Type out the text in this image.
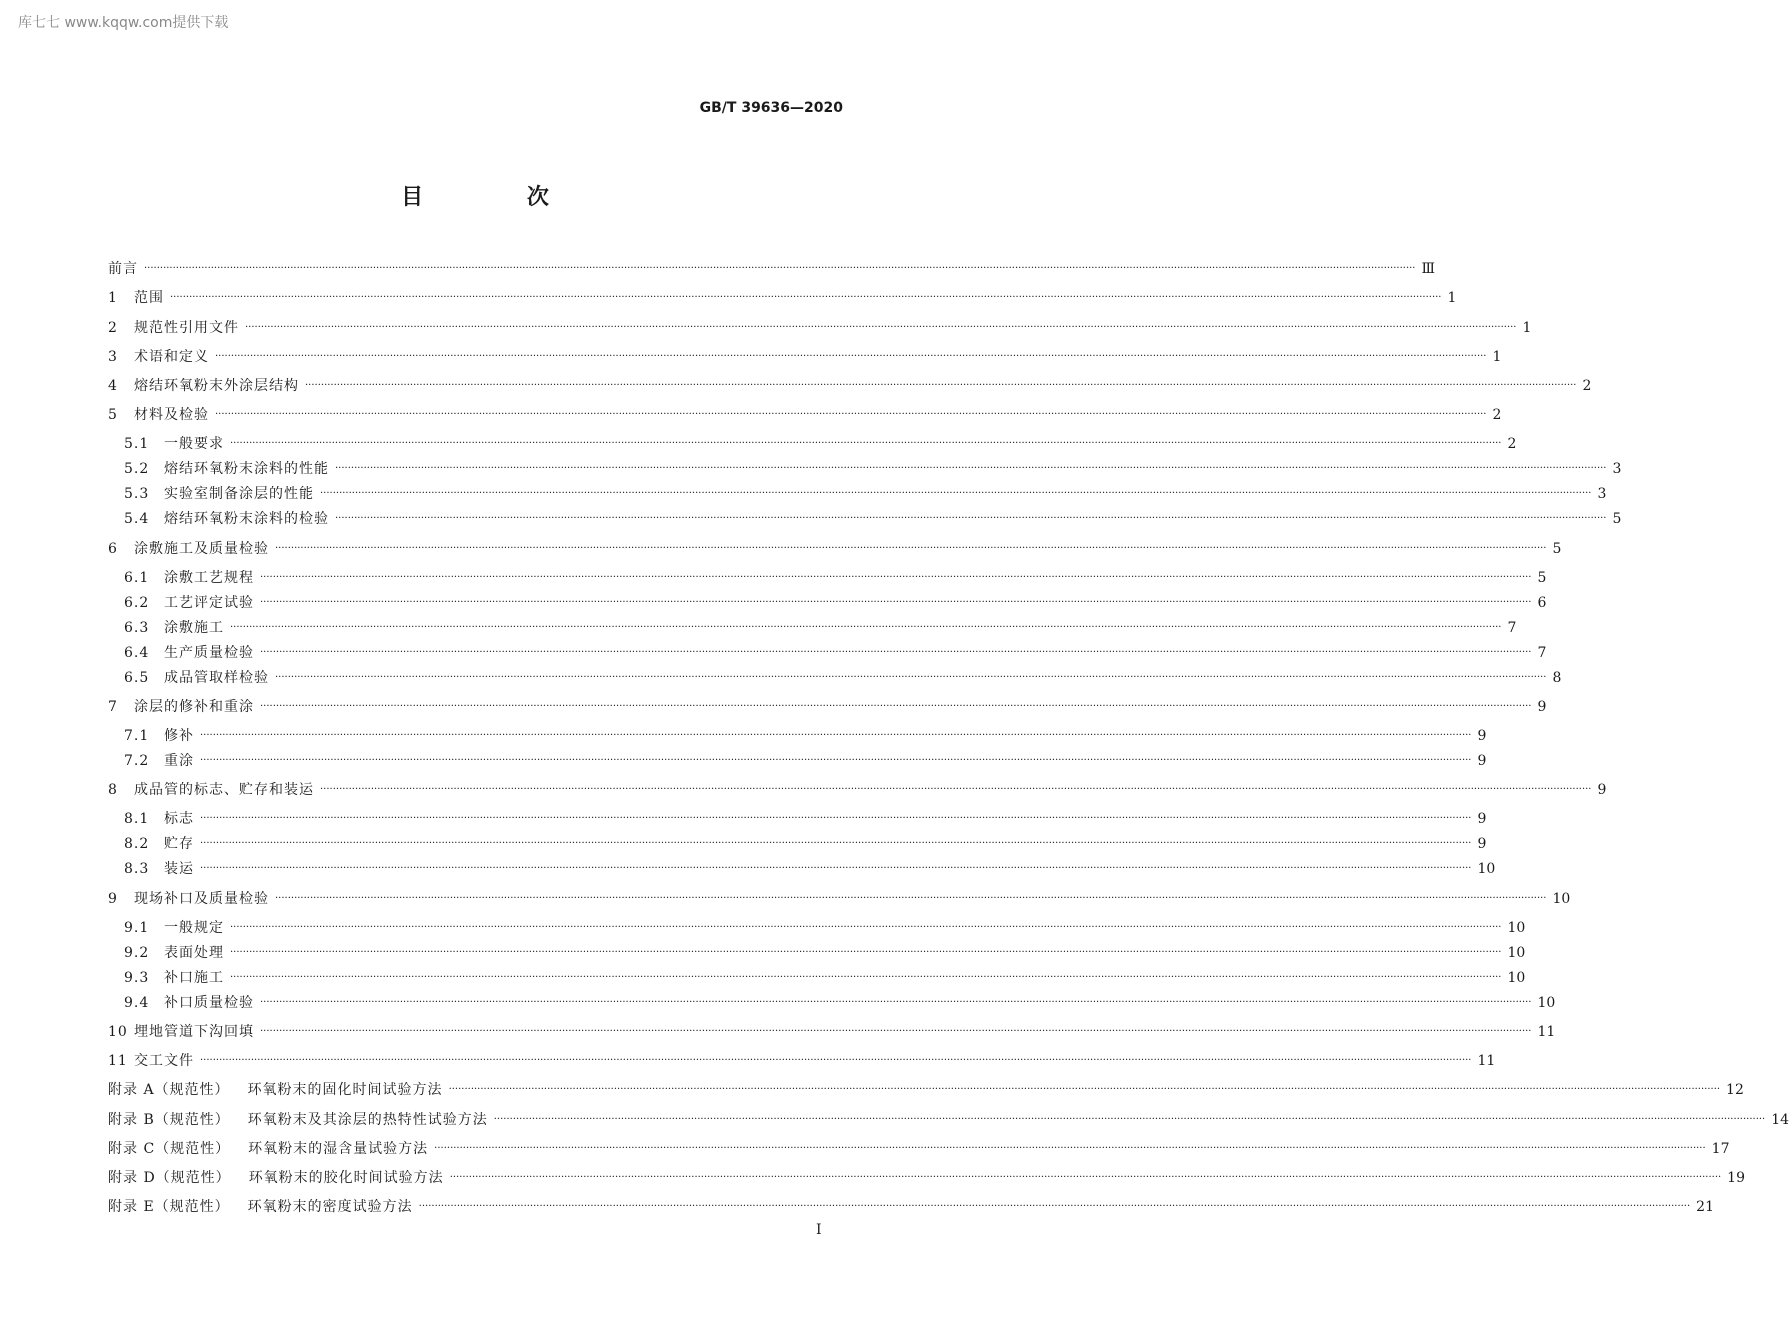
库七七 www.kqqw.com提供下载
GB/T 39636—2020
目 次
前言 ················································································································································································································································································································································································································ Ⅲ
1	范围 ················································································································································································································································································································································································································ 1
2	规范性引用文件 ················································································································································································································································································································································································································ 1
3	术语和定义 ················································································································································································································································································································································································································ 1
4	熔结环氧粉末外涂层结构 ················································································································································································································································································································································································································ 2
5	材料及检验 ················································································································································································································································································································································································································ 2
5.1	一般要求 ················································································································································································································································································································································································································ 2
5.2	熔结环氧粉末涂料的性能 ················································································································································································································································································································································································································ 3
5.3	实验室制备涂层的性能 ················································································································································································································································································································································································································ 3
5.4	熔结环氧粉末涂料的检验 ················································································································································································································································································································································································································ 5
6	涂敷施工及质量检验 ················································································································································································································································································································································································································ 5
6.1	涂敷工艺规程 ················································································································································································································································································································································································································ 5
6.2	工艺评定试验 ················································································································································································································································································································································································································ 6
6.3	涂敷施工 ················································································································································································································································································································································································································ 7
6.4	生产质量检验 ················································································································································································································································································································································································································ 7
6.5	成品管取样检验 ················································································································································································································································································································································································································ 8
7	涂层的修补和重涂 ················································································································································································································································································································································································································ 9
7.1	修补 ················································································································································································································································································································································································································ 9
7.2	重涂 ················································································································································································································································································································································································································ 9
8	成品管的标志、贮存和装运 ················································································································································································································································································································································································································ 9
8.1	标志 ················································································································································································································································································································································································································ 9
8.2	贮存 ················································································································································································································································································································································································································ 9
8.3	装运 ················································································································································································································································································································································································································ 10
9	现场补口及质量检验 ················································································································································································································································································································································································································ 10
9.1	一般规定 ················································································································································································································································································································································································································ 10
9.2	表面处理 ················································································································································································································································································································································································································ 10
9.3	补口施工 ················································································································································································································································································································································································································ 10
9.4	补口质量检验 ················································································································································································································································································································································································································ 10
10 埋地管道下沟回填 ················································································································································································································································································································································································································ 11
11 交工文件 ················································································································································································································································································································································································································ 11
附录 A（规范性） 环氧粉末的固化时间试验方法 ················································································································································································································································································································································································································ 12
附录 B（规范性） 环氧粉末及其涂层的热特性试验方法 ················································································································································································································································································································································································································ 14
附录 C（规范性） 环氧粉末的湿含量试验方法 ················································································································································································································································································································································································································ 17
附录 D（规范性） 环氧粉末的胶化时间试验方法 ················································································································································································································································································································································································································ 19
附录 E（规范性） 环氧粉末的密度试验方法 ················································································································································································································································································································································································································ 21
I
